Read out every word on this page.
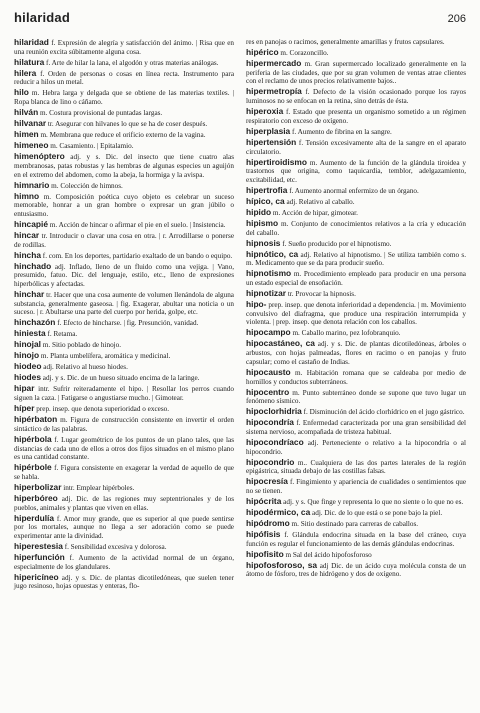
hilaridad	206

hilaridad f. Expresión de alegría y satisfacción del ánimo. | Risa que en una reunión excita súbitamente alguna cosa.

hilatura f. Arte de hilar la lana, el algodón y otras materias análogas.

hilera f. Orden de personas o cosas en línea recta. Instrumento para reducir a hilos un metal.

hilo m. Hebra larga y delgada que se obtiene de las materias textiles. | Ropa blanca de lino o cáñamo.

hilván m. Costura provisional de puntadas largas.

hilvanar tr. Asegurar con hilvanes lo que se ha de coser después.

himen m. Membrana que reduce el orificio externo de la vagina.

himeneo m. Casamiento. | Epitalamio.

himenóptero adj. y s. Dic. del insecto que tiene cuatro alas membranosas, patas robustas y las hembras de algunas especies un aguijón en el extremo del abdomen, como la abeja, la hormiga y la avispa.

himnario m. Colección de himnos.

himno m. Composición poética cuyo objeto es celebrar un suceso memorable, honrar a un gran hombre o expresar un gran júbilo o entusiasmo.

hincapié m. Acción de hincar o afirmar el pie en el suelo. | Insistencia.

hincar tr. Introducir o clavar una cosa en otra. | r. Arrodillarse o ponerse de rodillas.

hincha f. com. En los deportes, partidario exaltado de un bando o equipo.

hinchado adj. Inflado, lleno de un fluido como una vejiga. | Vano, presumido, fatuo. Dic. del lenguaje, estilo, etc., lleno de expresiones hiperbólicas y afectadas.

hinchar tr. Hacer que una cosa aumente de volumen llenándola de alguna substancia, generalmente gaseosa. | fig. Exagerar, abultar una noticia o un suceso. | r. Abultarse una parte del cuerpo por herida, golpe, etc.

hinchazón f. Efecto de hincharse. | fig. Presunción, vanidad.

hiniesta f. Retama.

hinojal m. Sitio poblado de hinojo.

hinojo m. Planta umbelífera, aromática y medicinal.

hiodeo adj. Relativo al hueso hiodes.

hiodes adj. y s. Dic. de un hueso situado encima de la laringe.

hipar intr. Sufrir reiteradamente el hipo. | Resollar los perros cuando siguen la caza. | Fatigarse o angustiarse mucho. | Gimotear.

híper prep. insep. que denota superioridad o exceso.

hipérbaton m. Figura de construcción consistente en invertir el orden sintáctico de las palabras.

hipérbola f. Lugar geométrico de los puntos de un plano tales, que las distancias de cada uno de ellos a otros dos fijos situados en el mismo plano es una cantidad constante.

hipérbole f. Figura consistente en exagerar la verdad de aquello de que se habla.

hiperbolizar intr. Emplear hipérboles.

hiperbóreo adj. Dic. de las regiones muy septentrionales y de los pueblos, animales y plantas que viven en ellas.

hiperdulía f. Amor muy grande, que es superior al que puede sentirse por los mortales, aunque no llega a ser adoración como se puede experimentar ante la divinidad.

hiperestesia f. Sensibilidad excesiva y dolorosa.

hiperfunción f. Aumento de la actividad normal de un órgano, especialmente de los glandulares.

hipericíneo adj. y s. Dic. de plantas dicotiledóneas, que suelen tener jugo resinoso, hojas opuestas y enteras, flo-

res en panojas o racimos, generalmente amarillas y frutos capsulares.

hipérico m. Corazoncillo.

hipermercado m. Gran supermercado localizado generalmente en la periferia de las ciudades, que por su gran volumen de ventas atrae clientes con el reclamo de unos precios relativamente bajos..

hipermetropía f. Defecto de la visión ocasionado porque los rayos luminosos no se enfocan en la retina, sino detrás de ésta.

hiperoxia f. Estado que presenta un organismo sometido a un régimen respiratorio con exceso de oxígeno.

hiperplasia f. Aumento de fibrina en la sangre.

hipertensión f. Tensión excesivamente alta de la sangre en el aparato circulatorio.

hipertiroidismo m. Aumento de la función de la glándula tiroidea y trastornos que origina, como taquicardia, temblor, adelgazamiento, excitabilidad, etc.

hipertrofia f. Aumento anormal enfermizo de un órgano.

hípico, ca adj. Relativo al caballo.

hipido m. Acción de hipar, gimotear.

hipismo m. Conjunto de conocimientos relativos a la cría y educación del caballo.

hipnosis f. Sueño producido por el hipnotismo.

hipnótico, ca adj. Relativo al hipnotismo. | Se utiliza también como s. m. Medicamento que se da para producir sueño.

hipnotismo m. Procedimiento empleado para producir en una persona un estado especial de ensoñación.

hipnotizar tr. Provocar la hipnosis.

hipo- prep. insep. que denota inferioridad a dependencia. | m. Movimiento convulsivo del diafragma, que produce una respiración interrumpida y violenta. | prep. insep. que denota relación con los caballos.

hipocampo m. Caballo marino, pez lofobranquio.

hipocastáneo, ca adj. y s. Dic. de plantas dicotiledóneas, árboles o arbustos, con hojas palmeadas, flores en racimo o en panojas y fruto capsular; como el castaño de Indias.

hipocausto m. Habitación romana que se caldeaba por medio de hornillos y conductos subterráneos.

hipocentro m. Punto subterráneo donde se supone que tuvo lugar un fenómeno sísmico.

hipoclorhidria f. Disminución del ácido clorhídrico en el jugo gástrico.

hipocondría f. Enfermedad caracterizada por una gran sensibilidad del sistema nervioso, acompañada de tristeza habitual.

hipocondríaco adj. Perteneciente o relativo a la hipocondría o al hipocondrio.

hipocondrio m.. Cualquiera de las dos partes laterales de la región epigástrica, situada debajo de las costillas falsas.

hipocresía f. Fingimiento y apariencia de cualidades o sentimientos que no se tienen.

hipócrita adj. y s. Que finge y representa lo que no siente o lo que no es.

hipodérmico, ca adj. Dic. de lo que está o se pone bajo la piel.

hipódromo m. Sitio destinado para carreras de caballos.

hipófisis f. Glándula endocrina situada en la base del cráneo, cuya función es regular el funcionamiento de las demás glándulas endocrinas.

hipofisito m Sal del ácido hipofosforoso

hipofosforoso, sa adj Dic. de un ácido cuya molécula consta de un átomo de fósforo, tres de hidrógeno y dos de oxígeno.
